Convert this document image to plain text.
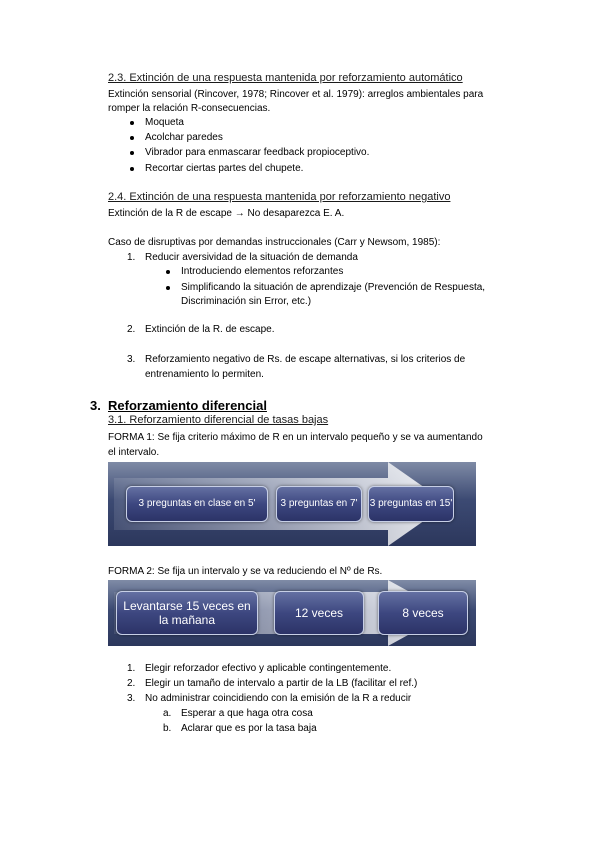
2.3. Extinción de una respuesta mantenida por reforzamiento automático
Extinción sensorial (Rincover, 1978; Rincover et al. 1979): arreglos ambientales para
romper la relación R-consecuencias.
Moqueta
Acolchar paredes
Vibrador para enmascarar feedback propioceptivo.
Recortar ciertas partes del chupete.
2.4. Extinción de una respuesta mantenida por reforzamiento negativo
Extinción de la R de escape → No desaparezca E. A.
Caso de disruptivas por demandas instruccionales (Carr y Newsom, 1985):
1. Reducir aversividad de la situación de demanda
Introduciendo elementos reforzantes
Simplificando la situación de aprendizaje (Prevención de Respuesta,
Discriminación sin Error, etc.)
2. Extinción de la R. de escape.
3. Reforzamiento negativo de Rs. de escape alternativas, si los criterios de
entrenamiento lo permiten.
3. Reforzamiento diferencial
3.1. Reforzamiento diferencial de tasas bajas
FORMA 1: Se fija criterio máximo de R en un intervalo pequeño y se va aumentando
el intervalo.
3 preguntas en clase en 5'	3 preguntas en 7'	3 preguntas en 15'
FORMA 2: Se fija un intervalo y se va reduciendo el Nº de Rs.
Levantarse 15 veces en la mañana	12 veces	8 veces
1. Elegir reforzador efectivo y aplicable contingentemente.
2. Elegir un tamaño de intervalo a partir de la LB (facilitar el ref.)
3. No administrar coincidiendo con la emisión de la R a reducir
a. Esperar a que haga otra cosa
b. Aclarar que es por la tasa baja
